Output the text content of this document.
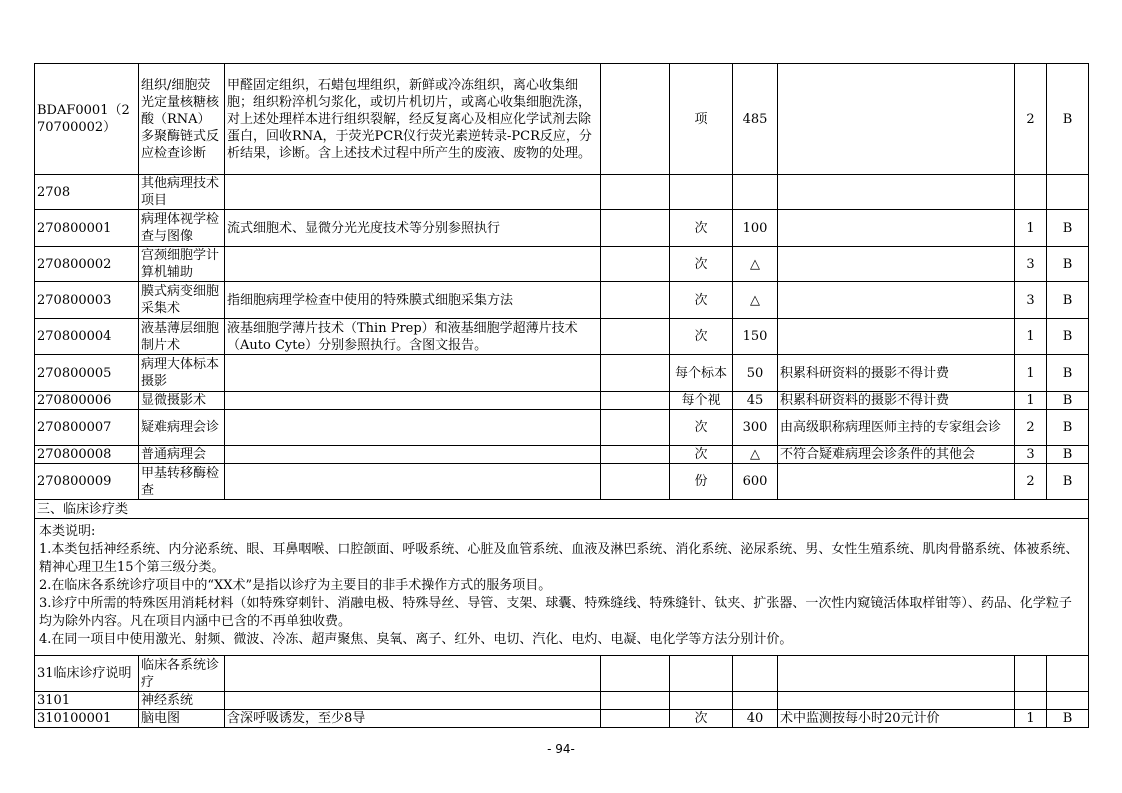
BDAF0001（270700002）	组织/细胞荧光定量核糖核酸（RNA）多聚酶链式反应检查诊断	甲醛固定组织，石蜡包埋组织，新鲜或冷冻组织，离心收集细胞；组织粉淬机匀浆化，或切片机切片，或离心收集细胞洗涤，对上述处理样本进行组织裂解，经反复离心及相应化学试剂去除蛋白，回收RNA，于荧光PCR仪行荧光素逆转录-PCR反应，分析结果，诊断。含上述技术过程中所产生的废液、废物的处理。		项	485		2	B
2708	其他病理技术项目							
270800001	病理体视学检查与图像	流式细胞术、显微分光光度技术等分别参照执行		次	100		1	B
270800002	宫颈细胞学计算机辅助			次	△		3	B
270800003	膜式病变细胞采集术	指细胞病理学检查中使用的特殊膜式细胞采集方法		次	△		3	B
270800004	液基薄层细胞制片术	液基细胞学薄片技术（Thin Prep）和液基细胞学超薄片技术（Auto Cyte）分别参照执行。含图文报告。		次	150		1	B
270800005	病理大体标本摄影			每个标本	50	积累科研资料的摄影不得计费	1	B
270800006	显微摄影术			每个视	45	积累科研资料的摄影不得计费	1	B
270800007	疑难病理会诊			次	300	由高级职称病理医师主持的专家组会诊	2	B
270800008	普通病理会			次	△	不符合疑难病理会诊条件的其他会	3	B
270800009	甲基转移酶检查			份	600		2	B
三、临床诊疗类								

本类说明:
1.本类包括神经系统、内分泌系统、眼、耳鼻咽喉、口腔颌面、呼吸系统、心脏及血管系统、血液及淋巴系统、消化系统、泌尿系统、男、女性生殖系统、肌肉骨骼系统、体被系统、精神心理卫生15个第三级分类。
2.在临床各系统诊疗项目中的“XX术”是指以诊疗为主要目的非手术操作方式的服务项目。
3.诊疗中所需的特殊医用消耗材料（如特殊穿刺针、消融电极、特殊导丝、导管、支架、球囊、特殊缝线、特殊缝针、钛夹、扩张器、一次性内窥镜活体取样钳等）、药品、化学粒子均为除外内容。凡在项目内涵中已含的不再单独收费。
4.在同一项目中使用激光、射频、微波、冷冻、超声聚焦、臭氧、离子、红外、电切、汽化、电灼、电凝、电化学等方法分别计价。								

31临床诊疗说明	临床各系统诊疗							
3101	神经系统							
310100001	脑电图	含深呼吸诱发，至少8导		次	40	术中监测按每小时20元计价	1	B
- 94-
